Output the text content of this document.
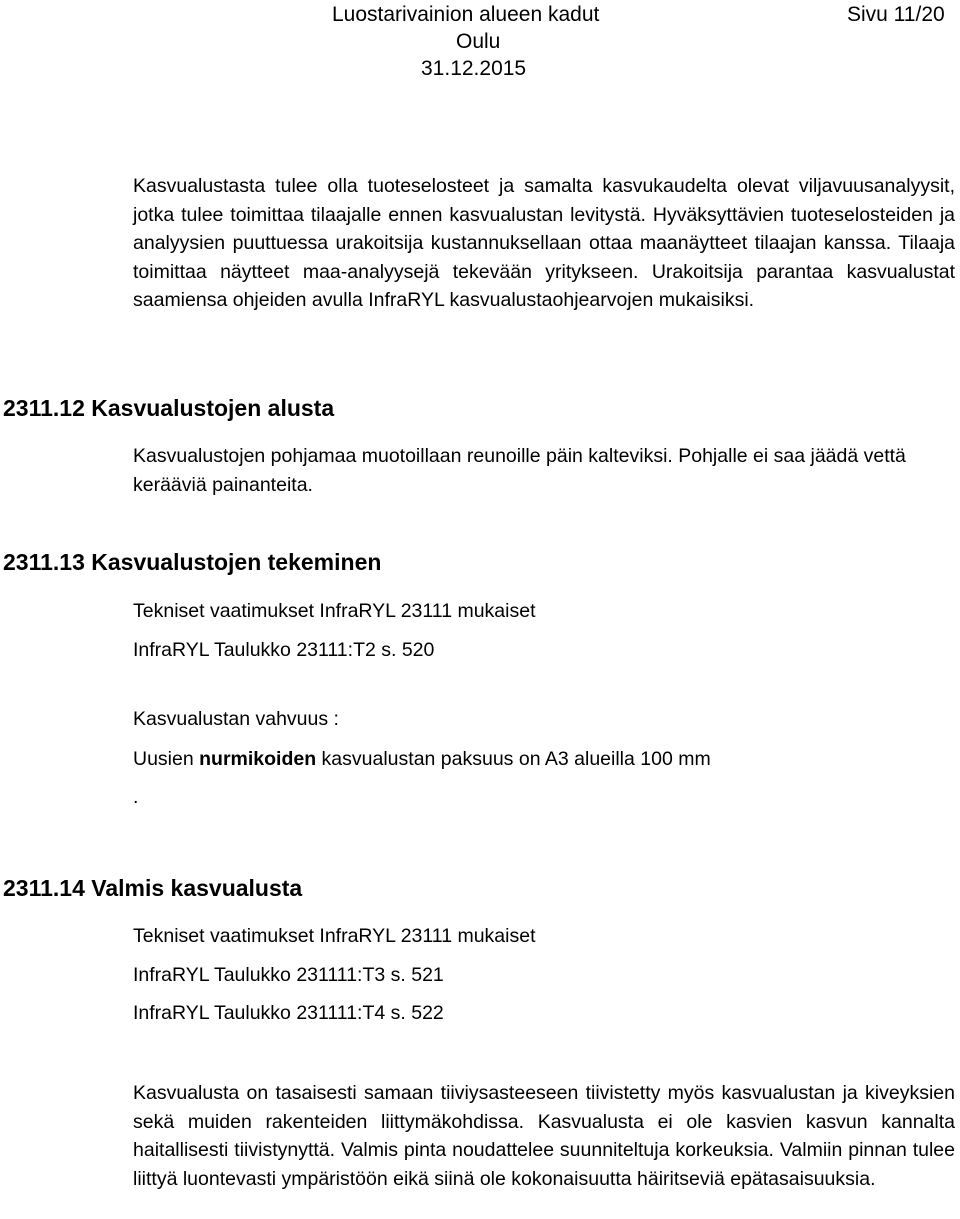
Luostarivainion alueen kadut	Sivu 11/20
Oulu
31.12.2015

Kasvualustasta tulee olla tuoteselosteet ja samalta kasvukaudelta olevat viljavuusanalyysit, jotka tulee toimittaa tilaajalle ennen kasvualustan levitystä. Hyväksyttävien tuoteselosteiden ja analyysien puuttuessa urakoitsija kustannuksellaan ottaa maanäytteet tilaajan kanssa. Tilaaja toimittaa näytteet maa-analyysejä tekevään yritykseen. Urakoitsija parantaa kasvualustat saamiensa ohjeiden avulla InfraRYL kasvualustaohjearvojen mukaisiksi.

2311.12 Kasvualustojen alusta

Kasvualustojen pohjamaa muotoillaan reunoille päin kalteviksi. Pohjalle ei saa jäädä vettä kerääviä painanteita.

2311.13 Kasvualustojen tekeminen

Tekniset vaatimukset InfraRYL 23111 mukaiset

InfraRYL Taulukko 23111:T2 s. 520

Kasvualustan vahvuus :

Uusien nurmikoiden kasvualustan paksuus on A3 alueilla 100 mm

.

2311.14 Valmis kasvualusta

Tekniset vaatimukset InfraRYL 23111 mukaiset

InfraRYL Taulukko 231111:T3 s. 521

InfraRYL Taulukko 231111:T4 s. 522

Kasvualusta on tasaisesti samaan tiiviysasteeseen tiivistetty myös kasvualustan ja kiveyksien sekä muiden rakenteiden liittymäkohdissa. Kasvualusta ei ole kasvien kasvun kannalta haitallisesti tiivistynyttä. Valmis pinta noudattelee suunniteltuja korkeuksia. Valmiin pinnan tulee liittyä luontevasti ympäristöön eikä siinä ole kokonaisuutta häiritseviä epätasaisuuksia.
